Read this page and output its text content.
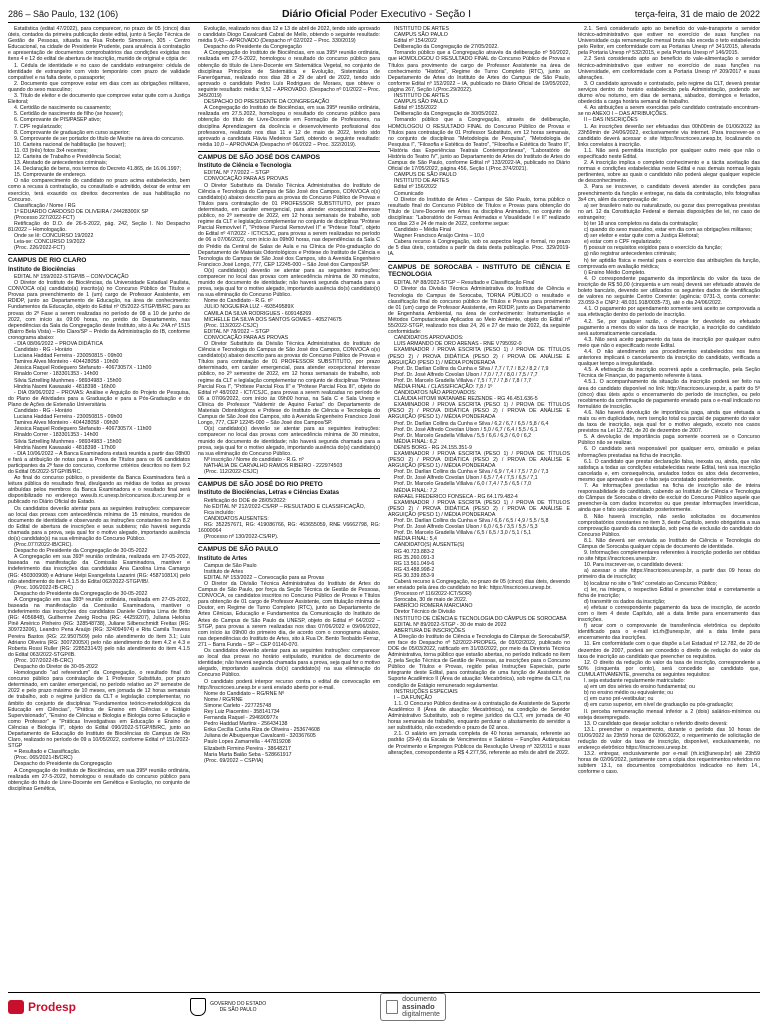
286 – São Paulo, 132 (106)	Diário Oficial Poder Executivo - Seção I	terça-feira, 31 de maio de 2022

Estatística (edital 47/2022), para comparecer, no prazo de 05 (cinco) dias úteis, contados da primeira publicação deste edital, junto à Seção Técnica de Gestão de Pessoas, situada na Rua Roberto Simonsen, 305 - Centro Educacional, na cidade de Presidente Prudente, para anuência à contratação e apresentação de documentos comprobatórios das condições exigidas nos itens 4 e 12 do edital de abertura de inscrição, munido de original e cópia de:

1. Cédula de identidade e no caso de candidato estrangeiro: cédula de identidade de estrangeiro com visto temporário com prazo de validade compatível e na falta deste, o passaporte;

2. Documento que comprove estar em dias com as obrigações militares, quando do sexo masculino;

3. Título de eleitor e de documento que comprove estar quite com a Justiça Eleitoral;

4. Certidão de nascimento ou casamento;

5. Certidão de nascimento de filho (se houver);

6. Comprovante de PIS/PASEP ativo;

7. CPF regularizado;

8. Comprovante de graduação em curso superior;

9. Comprovante de ser portador do título de Mestre na área do concurso.

10. Carteira nacional de habilitação (se houver);

11. 03 (três) fotos 3x4 recentes;

12. Carteira de Trabalho e Previdência Social;

13. Atestado de antecedentes criminais;

14. Declaração de bens, nos termos do Decreto 41.865, de 16.06.1997;

15. Comprovante de endereço.

O não comparecimento do candidato no prazo acima estabelecido, bem como a recusa à contratação, ou consultado e admitido, deixar de entrar em exercício, terá exaurido os direitos decorrentes de sua habilitação no Concurso.

Classificação / Nome / RG

1º EDUARDO CARDOSO DE OLIVEIRA / 24428300X SP

(Processo 227/2022-FCT)

Retificação do D.O. de 26-5-2022, pág. 242, Seção I. No Despacho 81/2022 – Homologação.

Onde se lê: CONCURSO 19/2022

Leia-se: CONCURSO 19/2022

(Proc. 226/2022-FCT)

CAMPUS DE RIO CLARO
Instituto de Biociências

EDITAL Nº 159/2022-STGP/IB – CONVOCAÇÃO

O Diretor do Instituto de Biociências, da Universidade Estadual Paulista, CONVOCA o(a) candidato(a) inscrito(a) no Concurso Público de Títulos e Provas para preenchimento de 1 (um) cargo de Professor Assistente, em RDIDP, junto ao Departamento de Educação, na área de conhecimento: Fundamentos da Educação, objeto do Edital nº 05/2022-STGP/IB/RC para as provas do 2º Fase a serem realizadas no período de 08 a 10 de junho de 2022, com início às 09:00 horas, no prédio do Departamento, nas dependências da Sala da Congregação deste Instituto, sito à Av. 24A nº 1515 (Bairro Bela Vista) – Rio Claro/SP – Prédio da Administração do IB, conforme cronograma abaixo:

- DIA 08/06/2022 – PROVA DIDÁTICA

Candidato - RG - Horário

Luciana Haddad Ferreira - 230050815 - 09h00

Tamires Alves Monteiro - 404428058 - 10h00

Jéssica Raquel Rodeguero Stefanuto - 40673057X - 11h00

Rinaldo Correr - 183301353 - 14h00

Silvia Sztrelling Munhmes - 98934983 - 15h00

Hindria Naomi Kawasaki - 4818398 - 16h00

- DIA 09/06/2022 – PROVAS: Análise e Arguição do Projeto de Pesquisa, do Plano de Atividades para a Graduação e para a Pós-Graduação e do Plano de Ações de Extensão Universitária

Candidato - RG - Horário

Luciana Haddad Ferreira - 230050815 - 09h00

Tamires Alves Monteiro - 404428058 - 09h30

Jéssica Raquel Rodeguero Stefanuto - 40673057X - 11h00

Rinaldo Correr - 183301353 - 14h00

Silvia Sztrelling Munhmes - 98934983 - 15h00

Hindria Naomi Kawasaki - 4818398 - 17h00

- DIA 10/06/2022 – A Banca Examinadora estará reunida a partir das 08h00 e fará a atribuição de notas para a Prova de Títulos para os 06 candidatos participantes da 2ª fase do concurso, conforme critérios descritos no item 9.2 do Edital 05/2022-STGP/IB/RC.

Ao final do concurso público, o presidente da Banca Examinadora fará a leitura pública do resultado final, divulgando as médias de todas as provas atribuídas pelos membros da Banca Examinadora e o resultado final será disponibilizado no endereço www.ib.rc.unesp.br/concursos.ib.rc.unesp.br e publicado no Diário Oficial do Estado.

Os candidatos deverão atentar para as seguintes instruções: comparecer ao local das provas com antecedência mínima de 15 minutos, munidos de documento de identidade e observando as instruções constantes no item 8.2 do Edital de abertura de inscrições e seus subitens; não haverá segunda chamada para a prova, seja qual for o motivo alegado, importando ausência do(s) candidato(s) na sua eliminação do Concurso Público.

(Proc.077/2022-IB/CRC).

Despacho do Presidente da Congregação de 30-05-2022

A Congregação em sua 393ª reunião ordinária, realizada em 27-05-2022, baseada na manifestação da Comissão Examinadora, mantiver e indeferimento das inscrições das candidatas Ana Carolina Lima Camargo (RG: 450300908) e Adriane Helpi Evangelista Lazarini (RG: 45871081X) pelo não atendimento do item 4.1.5 do Edital 062/2022-STGP/IB/.

(Proc. 106/2022-IB-CRC)

Despacho do Presidente da Congregação de 30-05-2022

A Congregação em sua 393ª reunião ordinária, realizada em 27-05-2022, baseada na manifestação da Comissão Examinadora, mantiver o indeferimento das inscrições dos candidatos Daniele Cristina Lima de Brito (RG: 4056848), Guilherme Zweig Rocha (RG: 44259207), Juliana Heloísa Pinê Américo Pinheiro (RG: 328548738), Juliane Silberschmidt Freitas (RG: 309723206), Leandro Pena Araújo (RG: 324094974) e Rita Camila Travess Pereira Bastos (RG: 22.9507509) pelo não atendimento do item 3.1; Luis Adriano Oliveira (RG: 30072005X) pelo não atendimento do item 4.2 e 4.3 e Roberta Rossi Ruller (RG: 22852314/3) pelo não atendimento do item 4.1.5 do Edital 063/2022-STGP/IB.

(Proc. 107/2022-IB-CRC)

Despacho do Diretor de 30-05-2022

Homologando "ad referendum" da Congregação, o resultado final do concurso público para contratação de 1 Professor Substituto, por prazo determinado, em caráter emergencial, no período relativo ao 2º semestre de 2022 e pelo prazo máximo de 10 meses, em jornada de 12 horas semanais de trabalho, sob o regime jurídico da CLT e legislação complementar, no âmbito do conjunto de disciplinas "Fundamentos teórico-metodológicos da Educação em Ciências", "Prática de Ensino em Ciências e Estágio Supervisionado", "Ensino de Ciências e Biologia e Biologia como Educação e como Professor" e "Práticas Investigativas em Educação e Ensino de Ciências e Biologia II", objeto do Edital 090/2022-STGP/IB/RC, junto ao Departamento de Educação do Instituto de Biociências do Campus de Rio Claro, realizado no período de 09 a 10/05/2022, conforme Edital nº 151/2022-STGP

= Resultado e Classificação.

(Proc. 065/2021-IB/CRC)

Despacho do Presidente da Congregação

A Congregação do Instituto de Biociências, em sua 395ª reunião ordinária, realizada em 27-5-2022, homologou o resultado do concurso público para obtenção do título de Livre-Docente em Genética e Evolução, no conjunto de disciplinas Genética,

Evolução, realizado nos dias 12 e 13 de abril de 2022, tendo sido aprovado o candidato Diogo Cavalcanti Cabral de Mello, obtendo o seguinte resultado: média 9,43 – APROVADO (Despacho nº 02/2022 – Proc. 330/2019)

Despacho do Presidente da Congregação

A Congregação do Instituto de Biociências, em sua 395ª reunião ordinária, realizada em 27-5-2022, homologou o resultado do concurso público para obtenção do título de Livre-Docente em Sistemática Vegetal, no conjunto de disciplinas Princípios de Sistemática e Evolução, Sistemática de Fanerógamas, realizado nos dias 28 e 29 de abril de 2022, tendo sido aprovado o candidato Pedro Luís Rodrigues de Moraes, que obteve o seguinte resultado: média: 9,52 – APROVADO. (Despacho nº 01/2022 – Proc. 345/2019)

DESPACHO DO PRESIDENTE DA CONGREGAÇÃO

A Congregação do Instituto de Biociências, em sua 395ª reunião ordinária, realizada em 27.5.2022, homologou o resultado do concurso público para obtenção do título de Livre-Docente em Formação de Professores, na disciplina Aprendizagem da docência e desenvolvimento profissional dos professores, realizado nos dias 11 e 12 de maio de 2022, tendo sido aprovado a candidata Flávia Medeiros Sarti, obtendo o seguinte resultado: média 10,0 – APROVADA (Despacho nº 06/2022 – Proc. 322/2019).

CAMPUS DE SÃO JOSÉ DOS CAMPOS
Instituto de Ciência e Tecnologia

EDITAL Nº 77/2022 – STGP

CONVOCAÇÃO PARA AS PROVAS

O Diretor Substituto da Divisão Técnica Administrativa do Instituto de Ciência e Tecnologia do Campus de São José dos Campos, CONVOCA o(s) candidato(s) abaixo descrito para as provas do Concurso Público de Provas e Títulos para contratação de 01 PROFESSOR SUBSTITUTO, por prazo determinado, em caráter emergencial, para atender excepcional interesse público, no 2º semestre de 2022, em 12 horas semanais de trabalho, sob regime da CLT e legislação complementar no conjunto de disciplinas "Prótese Parcial Removível I", "Prótese Parcial Removível II" e "Prótese Total", objeto do Edital nº 47/2022 - ICT/CSJC, para provas a serem realizadas no período de 06 a 07/06/2022, com início às 09h00 horas, nas dependências da Sala C do Prédio da Central de Salas de Aula e na Clínica de Pós-graduação do Departamento de Materiais Odontológicos e Prótese do Instituto de Ciência e Tecnologia do Campus de São José dos Campos, sito à Avenida Engenheiro Francisco José Longo, 777, CEP 12245-000 – São José dos Campos/SP.

O(s) candidato(s) deverão se atentar para as seguintes instruções: comparecer no local das provas com antecedência mínima de 30 minutos, munido de documento de identidade; não haverá segunda chamada para a prova, seja qual for o motivo alegado, importando ausência do(s) candidato(s) na sua eliminação do Concurso Público.

Nome do Candidato - R.G. nº

JULIO NOGUEIRA LUZ - 493549589X

CAMILA DA SILVA RODRIGUES - 609148269

MICHELLE DA SILVA DOS SANTOS GOMES - 405274675

(Proc. 113/2022-CSJC)

EDITAL Nº 78/2022 – STGP

CONVOCAÇÃO PARA AS PROVAS

O Diretor Substituto da Divisão Técnica Administrativa do Instituto de Ciência e Tecnologia do Campus de São José dos Campos, CONVOCA o(s) candidato(s) abaixo descrito para as provas do Concurso Público de Provas e Títulos para contratação de 01 PROFESSOR SUBSTITUTO, por prazo determinado, em caráter emergencial, para atender excepcional interesse público, no 2º semestre de 2022, em 12 horas semanais de trabalho, sob regime da CLT e legislação complementar no conjunto de disciplinas "Prótese Parcial Fixa I", "Prótese Parcial Fixa II" e "Prótese Parcial Fixa III", objeto do Edital nº 48/2022 - ICT/CSJC, para provas a serem realizadas no período de 06 a 07/06/2022, com início às 09h00 horas, na Sala C e Sala Unesp e Clínica do Professor "Valdemir de Aquino Farias" do Departamento de Materiais Odontológicos e Prótese do Instituto de Ciência e Tecnologia do Campus de São José dos Campos, sito à Avenida Engenheiro Francisco José Longo, 777, CEP 12245-000 – São José dos Campos/SP.

O(s) candidato(s) deverão se atentar para as seguintes instruções: comparecer no local das provas com antecedência mínima de 30 minutos, munido de documento de identidade; não haverá segunda chamada para a prova, seja qual for o motivo alegado, importando ausência do(s) candidato(s) na sua eliminação do Concurso Público.

Nº inscrição / Nome do candidato - R.G. nº

NATHÁLIA DE CARVALHO RAMOS RIBEIRO - 222974503

(Proc. 112/2022-CSJC)

CAMPUS DE SÃO JOSÉ DO RIO PRETO
Instituto de Biociências, Letras e Ciências Exatas

Retificação do DOE de 28/05/2022:

No EDITAL Nº 212/2022-CS/RP – RESULTADO E CLASSIFICAÇÃO,

Fica incluído:

CANDIDATOS AUSENTES:

RG: 352257671, RG: 419086766, RG: 463655059, RNE V6662798, RG: 16000064

(Processo nº 130/2022-CS/RP).

CAMPUS DE SÃO PAULO
Instituto de Artes

Campus de São Paulo

Instituto de Artes

EDITAL Nº 153/2022 – Convocação para as Provas

O Diretor da Divisão Técnica Administrativa do Instituto de Artes do Campus de São Paulo, por força da Seção Técnica de Gestão de Pessoas, CONVOCA, os candidatos inscritos no Concurso Público de Provas e Títulos para obtenção de 01 cargo de Professor Assistente, com titulação mínima de Doutor, em Regime de Turno Completo (RTC), junto ao Departamento de Artes Cênicas, Educação e Fundamentos da Comunicação do Instituto de Artes do Campus de São Paulo da UNESP, objeto do Edital nº 64/2022 – STGP, para provas a serem realizadas nos dias 07/06/2022 e 09/06/2022, com início às 09h00 do primeiro dia, de acordo com o cronograma abaixo, nas dependências do Instituto de Artes, sito à Rua Dr. Bento Teobaldo Ferraz, 271 – Barra Funda – SP – CEP 01140-070.

Os candidatos deverão atentar para as seguintes instruções: comparecer ao local das provas no horário estipulado, munidos de documento de identidade; não haverá segunda chamada para a prova, seja qual for o motivo alegado, importando ausência do(s) candidato(s) na sua eliminação do Concurso Público.

O candidato poderá interpor recurso contra o edital de convocação em http://inscricoes.unesp.br e será enviado aberto por e-mail.

Nome do Candidato – RG/RNE Nº

Nome / RG/RNE

Simone Carleto - 227725748

Rey Luiz Piacentini - 358141734

Fernanda Raquel - 294690977x

Pedro Haddad Martins - 256434138

Erika Cecília Cunha Riza de Oliveira - 253674608

Juliana de Albuquerque Cavalcanti - 320367605

Paulo Lopes Zamarrella - 447819208

Elizabeth Firmino Pereira - 38648217

Maria Marta Baião Seba - 528661917

(Proc. 69/2022 – CSP/IA)

INSTITUTO DE ARTES

CAMPUS SÃO PAULO

Edital nº 154/2022

Deliberação da Congregação de 27/05/2022.

Tornando público que a Congregação através da deliberação nº 50/2022, que HOMOLOGOU O RESULTADO FINAL do Concurso Público de Provas e Títulos para provimento de cargo de Professor Assistente na área de conhecimento "História", Regime de Turno Completo (RTC), junto ao Departamento de Artes do Instituto de Artes do Campus de São Paulo, conforme Edital nº 152/2022 – IA, publicado no Diário Oficial de 19/05/2022, página 267, Seção I.(Proc.29/2022).

INSTITUTO DE ARTES

CAMPUS SÃO PAULO

Edital nº 155/2022

Deliberação da Congregação de 30/05/2022.

Tornando público que a Congregação, através de deliberação, HOMOLOGOU O RESULTADO FINAL do Concurso Público de Provas e Títulos para contratação de 01 Professor Substituto, em 12 horas semanais, no conjunto de disciplinas "Metodologia de Pesquisa", "Metodologia de Pesquisa I", "Filosofia e Estética do Teatro", "Filosofia e Estética do Teatro II", "História das Experiências Teatrais Contemporâneas", "Laboratório de História do Teatro IV", junto ao Departamento de Artes do Instituto de Artes do Campus de São Paulo, conforme Edital nº 133/2022-IA, publicado no Diário Oficial de 17/05/2022, página 456, Seção I.(Proc.374/2021).

CAMPUS DE SÃO PAULO

INSTITUTO DE ARTES

Edital nº 156/2022

Comunicado

O Diretor do Instituto de Artes - Campus de São Paulo, torna público o resultado final do Concurso Público de Títulos e Provas para obtenção do Título de Livre-Docente em Artes na disciplina Animados, no conjunto de disciplinas: "Laboratório de Formas Animadas e Visualidade I e II" realizado nos dias 23 e 24 de maio de 2022, conforme segue:

Candidato – Média Final

Wagner Francisco Araújo Cintra – 10,0

Cabera recurso à Congregação, sob os aspectos legal e formal, no prazo de 5 dias úteis, contados a partir da data desta publicação. Proc. 329/2019-IA.

CAMPUS DE SOROCABA - INSTITUTO DE CIÊNCIA E TECNOLOGIA

EDITAL Nº 88/2022-STGP – Resultado e Classificação Final

O Diretor da Divisão Técnica Administrativa do Instituto de Ciência e Tecnologia do Campus de Sorocaba, TORNA PÚBLICO o resultado e classificação final do concurso público de Títulos e Provas para provimento de 01 (um) cargo de Professor Assistente, em RDIDP, junto ao Departamento de Engenharia Ambiental, na área de conhecimento: Instrumentação e Métodos Computacionais Aplicados ao Meio Ambiente, objeto do Edital nº 55/2022-STGP, realizado nos dias 24, 26 e 27 de maio de 2022, da seguinte conformidade:

CANDIDATOS APROVADOS:

LUIS ARMANDO DE ORO ARENAS - RNE V795092-0

EXAMINADOR / PROVA ESCRITA (PESO 1) / PROVA DE TÍTULOS (PESO 2) / PROVA DIDÁTICA (PESO 2) / PROVA DE ANÁLISE E ARGUIÇÃO (PESO 1) / MÉDIA PONDERADA

Prof. Dr. Darllan Collins da Cunha e Silva / 7,7 / 7,7 / 8,2 / 8,2 / 7,9

Prof. Dr. José Alfredo Covolan Ulson / 7,0 / 7,7 / 8,0 / 7,5 / 7,7

Prof. Dr. Marcelo Gradella Villalva / 7,5 / 7,7 / 7,8 / 7,8 / 7,7

MÉDIA FINAL / CLASSIFICAÇÃO: 7,8 / 1º

CANDIDATOS NÃO APROVADOS:

CLÁUDIA HITOMI WATANABE REZENDE - RG 46.451.636-5

EXAMINADOR / PROVA ESCRITA (PESO 1) / PROVA DE TÍTULOS (PESO 2) / PROVA DIDÁTICA (PESO 2) / PROVA DE ANÁLISE E ARGUIÇÃO (PESO 1) / MÉDIA PONDERADA

Prof. Dr. Darllan Collins da Cunha e Silva / 6,2 / 6,7 / 6,5 / 5,8 / 6,4

Prof. Dr. José Alfredo Covolan Ulson / 5,0 / 6,7 / 6,4 / 5,5 / 6,1

Prof. Dr. Marcelo Gradella Villalva / 5,5 / 6,6 / 6,3 / 6,0 / 6,2

MÉDIA FINAL: 6,2

DENIS BORG - RG 24.155.351-9

EXAMINADOR / PROVA ESCRITA (PESO 1) / PROVA DE TÍTULOS (PESO 2) / PROVA DIDÁTICA (PESO 2) / PROVA DE ANÁLISE E ARGUIÇÃO (PESO 1) / MÉDIA PONDERADA

Prof. Dr. Darllan Collins da Cunha e Silva / 6,9 / 7,4 / 7,5 / 7,0 / 7,3

Prof. Dr. José Alfredo Covolan Ulson / 6,5 / 7,4 / 7,5 / 6,5 / 7,1

Prof. Dr. Marcelo Gradella Villalva / 6,0 / 7,4 / 7,5 / 6,5 / 7,0

MÉDIA FINAL: 7,2

RAFAEL FREDERICO FONSECA - RG 64.179.482-4

EXAMINADOR / PROVA ESCRITA (PESO 1) / PROVA DE TÍTULOS (PESO 2) / PROVA DIDÁTICA (PESO 2) / PROVA DE ANÁLISE E ARGUIÇÃO (PESO 1) / MÉDIA PONDERADA

Prof. Dr. Darllan Collins da Cunha e Silva / 6,6 / 6,5 / 4,9 / 5,5 / 5,8

Prof. Dr. José Alfredo Covolan Ulson / 6,0 / 6,5 / 3,5 / 5,5 / 5,3

Prof. Dr. Marcelo Gradella Villalva / 6,5 / 6,5 / 3,0 / 5,1 / 5,1

MÉDIA FINAL: 5,4

CANDIDATO(S) AUSENTE(S)

RG 40.723.883-2

RG 35.260.091-3

RG 13.561.049-6

RG 43.488.998-2

RG 30.339.853-9

Caberá recurso à Congregação, no prazo de 05 (cinco) dias úteis, devendo ser enviado pela área do candidato no link: https://inscricoes.unesp.br.

(Processo nº 116/2022-ICT/SOR)

Sorocaba, 30 de maio de 2022.

FABRÍCIO ROMERA MARCIANO

Diretor Técnico de Divisão

INSTITUTO DE CIÊNCIA E TECNOLOGIA DO CÂMPUS DE SOROCABA

EDITAL Nº 89/2022-STGP - 30 de maio de 2022

ABERTURA DE INSCRIÇÕES

A Direção do Instituto de Ciência e Tecnologia do Câmpus de Sorocaba/SP, em face do Despacho nº 52/2022-PROPEG, de 03/02/2022, publicado no DOE de 05/03/2022, ratificado em 31/03/2022, por meio da Diretoria Técnica Administrativa, torna público que estarão abertas, no período indicado no item 2, pela Seção Técnica de Gestão de Pessoas, as inscrições para o Concurso Público de Títulos e Provas, regido pelas Instruções Especiais, parte integrante deste Edital, para contratação de uma função de Assistente de Suporte Acadêmico II (Área de atuação: Mecatrônica), sob regime da CLT, na condição de Estágio remunerado regulamentar.

INSTRUÇÕES ESPECIAIS

I – DA FUNÇÃO

1.1. O Concurso Público destina-se à contratação de Assistente de Suporte Acadêmico II (Área de atuação: Mecatrônica), na condição de Servidor Administrativo Substituto, sob o regime jurídico da CLT, em jornada de 40 horas semanais de trabalho, enquanto perdurar o afastamento do servidor a ser substituído, não excedendo o prazo de 02 anos.

2.1. O salário em jornada completa de 40 horas semanais, referente ao padrão (29-A) da Escala de Vencimentos e Salários – Funções Autárquicas de Provimento e Empregos Públicos da Resolução Unesp nº 32/2011 e suas alterações, correspondente a R$ 4.277,56, referente ao mês de abril de 2022.

2.1. Será considerado apto ao benefício do vale-transporte o servidor técnico-administrativo que estiver no exercício de suas funções na Universidade cuja remuneração mensal bruta não exceda o teto estabelecido pelo Reitor, em conformidade com as Portarias Unesp nº 341/2015, alterada pela Portaria Unesp nº 532/2015, e pela Portaria Unesp nº 146/2015.

2.2 Será considerado apto ao benefício do vale-alimentação o servidor técnico-administrativo que estiver no exercício de suas funções na Universidade, em conformidade com a Portaria Unesp nº 209/2017 e suas alterações.

3. O candidato aprovado e contratado, pelo regime da CLT, deverá prestar serviços dentro do horário estabelecido pela Administração, podendo ser diurno e/ou noturno, em dias de semana, sábados, domingos e feriados, obedecida a carga horária semanal de trabalho.

4. As atribuições a serem exercidas pelo candidato contratado encontram-se no ANEXO I – DAS ATRIBUIÇÕES.

II – DAS INSCRIÇÕES

1. As inscrições deverão ser efetuadas das 00h00min de 01/06/2022 às 23h59min de 24/06/2022, exclusivamente via internet. Para inscrever-se o candidato deverá acessar o site https://inscricoes.unesp.br, localizando os links correlatos à inscrição.

1.1. Não será permitida inscrição por qualquer outro meio que não o especificado neste Edital.

2. A inscrição implica o completo conhecimento e a tácita aceitação das normas e condições estabelecidas neste Edital e nas demais normas legais pertinentes, sobre as quais o candidato não poderá alegar qualquer espécie de desconhecimento.

3. Para se inscrever, o candidato deverá atender às condições para preenchimento da função e entregar, na data da contratação, três fotografias 3x4 cm, além da comprovação de:

a) ser brasileiro nato ou naturalizado, ou gozar das prerrogativas previstas no art. 12 da Constituição Federal e demais disposições de lei, no caso de estrangeiro;

b) ter 18 anos completos na data da contratação;

c) quando do sexo masculino, estar em dia com as obrigações militares;

d) ser eleitor e estar quite com a Justiça Eleitoral;

e) estar com o CPF regularizado;

f) possuir os requisitos exigidos para o exercício da função;

g) não registrar antecedentes criminais;

h) ter aptidão física e mental para o exercício das atribuições da função, comprovada em avaliação médica;

i) Ensino Médio Completo.

4. O correspondente pagamento da importância do valor da taxa de inscrição de R$ 50,00 (cinquenta e um reais) deverá ser efetuado através de boleto bancário, devendo ser utilizados os seguintes dados de identificação de valores no seguinte Centro Corrente: (agência: 0731-3, conta corrente: 23.059-3 e CNPJ: 48.031.918/0035-73), até o dia 24/06/2022.

4.1. O pagamento por agendamento somente será aceito se comprovada a sua efetivação dentro do período de inscrição.

4.2. Se, por qualquer razão, o cheque for devolvido ou efetuado pagamento a menos do valor da taxa de inscrição, a inscrição do candidato será automaticamente cancelada.

4.3. Não será aceito pagamento da taxa de inscrição por qualquer outro meio que não o especificado neste Edital.

4.4. O não atendimento aos procedimentos estabelecidos nos itens anteriores implicará o cancelamento da inscrição do candidato, verificada a qualquer tempo a irregularidade.

4.5. A efetivação da inscrição ocorrerá após a confirmação, pela Seção Técnica de Finanças, do pagamento referente à taxa.

4.5.1. O acompanhamento da situação da inscrição poderá ser feito na área do candidato disponível no link: http://inscricoes.unesp.br, a partir do 5º (cinco) dias úteis após o encerramento do período de inscrições, ou pelo recebimento da confirmação de pagamento enviado para o e-mail indicado no formulário de inscrição.

4.6. Não haverá devolução de importância paga, ainda que efetuada a mais ou em duplicidade, nem isenção total ou parcial de pagamento do valor da taxa de inscrição, seja qual for o motivo alegado, exceto nos casos previstos na Lei 12.782, de 20 de dezembro de 2007.

5. A devolução de importância paga somente ocorrerá se o Concurso Público não se realizar.

6. O candidato será responsável por qualquer erro, omissão e pelas informações prestadas na ficha de inscrição.

6.1. O candidato que prestar declaração falsa, inexata ou, ainda, que não satisfaça a todas as condições estabelecidas neste Edital, terá sua inscrição cancelada e, em consequência, anulados todos os atos dela decorrentes, mesmo que aprovado e que o fato seja constatado posteriormente.

7. As informações prestadas na ficha de inscrição são de inteira responsabilidade do candidato, cabendo ao Instituto de Ciência e Tecnologia do Câmpus de Sorocaba o direito de excluir do Concurso Público aquele que preencher-la com dados incorretos ou que prestar informações inverídicas, ainda que o fato seja constatado posteriormente.

8. Não haverá inscrição, não serão solicitados os documentos comprobatórios constantes no item 3, deste Capítulo, sendo obrigatória a sua comprovação quando da contratação, sob pena de exclusão do candidato do Concurso Público.

8.1. Não deverá ser enviada ao Instituto de Ciência e Tecnologia do Câmpus de Sorocaba qualquer cópia de documento de identidade.

9. Informações complementares referentes à inscrição poderão ser obtidas no site https://inscricoes.unesp.br.

10. Para inscrever-se, o candidato deverá:

a) acessar o site https://inscricoes.unesp.br, a partir das 09 horas do primeiro dia de inscrição;

b) localizar no site o "link" correlato ao Concurso Público;

c) ler, na íntegra, o respectivo Edital e preencher total e corretamente a ficha de inscrição;

d) transmitir os dados da inscrição;

e) efetuar o correspondente pagamento da taxa de inscrição, de acordo com o item 4 deste Capítulo, até a data limite para encerramento das inscrições.

f) arcar com o comprovante de transferência eletrônica ou depósito identificado para o e-mail ict.rh@unesp.br, até a data limite para encerramento das inscrições.

11. Em conformidade com o que dispõe a Lei Estadual nº 12.782, de 20 de dezembro de 2007, poderá ser concedido o direito de redução do valor da taxa de inscrição ao candidato que preencher os requisitos.

12. O direito da redução do valor da taxa de inscrição, correspondente a 50% (cinquenta por cento), será concedido ao candidato que, CUMULATIVAMENTE, preencha os seguintes requisitos:

I. seja estudante regularmente matriculado:

a) em um dos séries do ensino fundamental; ou

b) no ensino médio ou equivalente; ou

c) em curso pré-vestibular; ou

d) em curso superior, em nível de graduação ou pós-graduação;

II. perceba remuneração mensal inferior a 2 (dois) salários-mínimos ou esteja desempregado.

13. O candidato que desejar solicitar o referido direito deverá:

13.1. preencher o requerimento, durante o período das 10 horas de 01/06/2022 às 23h59 horas de 02/06/2022, o requerimento de solicitação de redução do valor da taxa de inscrição, disponível, exclusivamente, no endereço eletrônico https://inscricoes.unesp.br.

13.2. entregar, exclusivamente por e-mail (rh.ict@unesp.br) até 23h59 horas de 02/06/2022, juntamente com a cópia dos requerimentos referidos no subitem 13.1, os documentos comprobatórios indicados no item 14., conforme o caso.

Prodesp	GOVERNO DO ESTADO
DE SÃO PAULO
documento
assinado
digitalmente
